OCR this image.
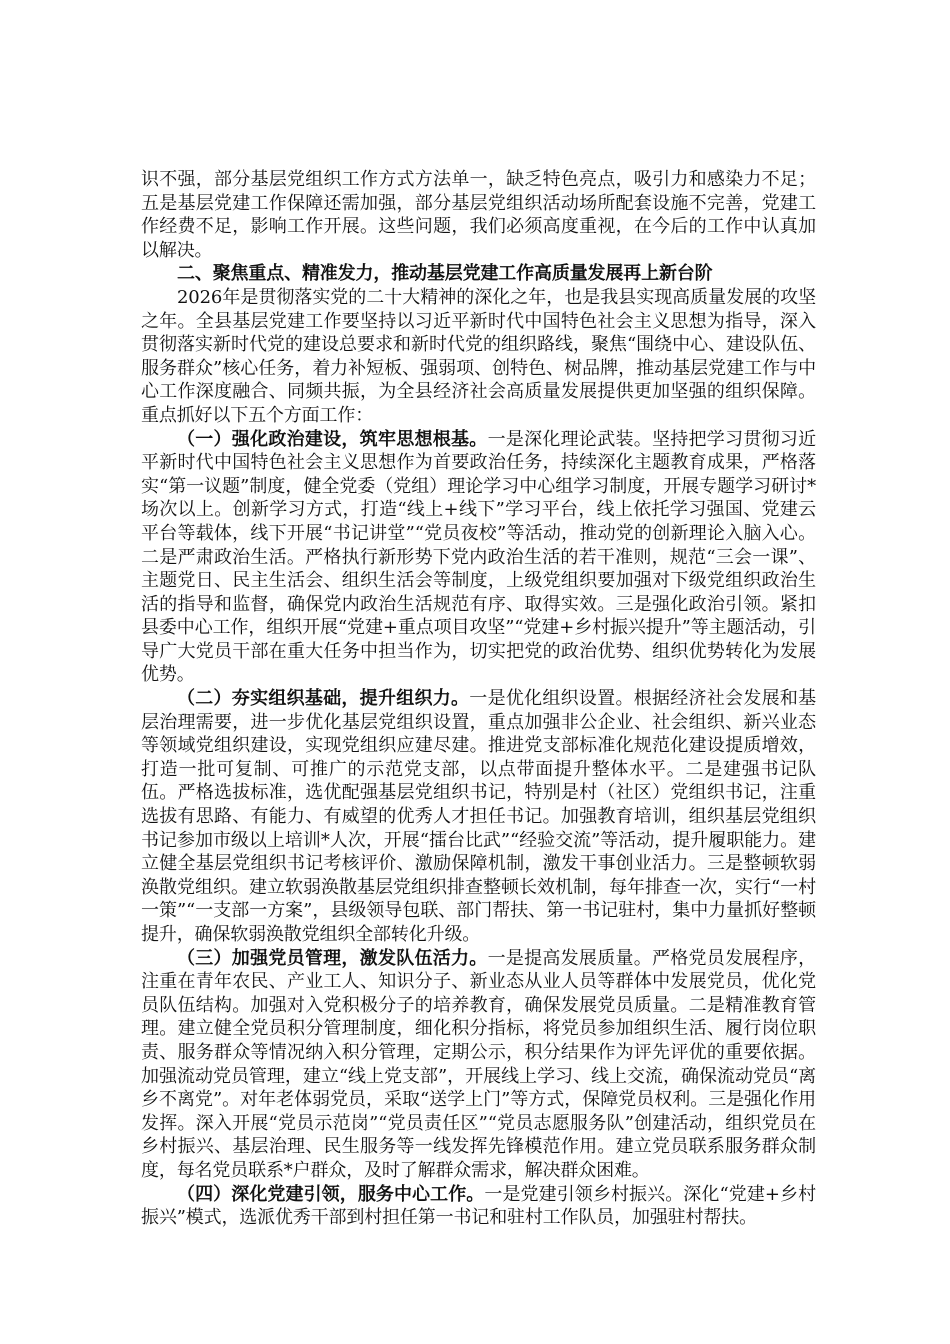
识不强，部分基层党组织工作方式方法单一，缺乏特色亮点，吸引力和感染力不足；五是基层党建工作保障还需加强，部分基层党组织活动场所配套设施不完善，党建工作经费不足，影响工作开展。这些问题，我们必须高度重视，在今后的工作中认真加以解决。

二、聚焦重点、精准发力，推动基层党建工作高质量发展再上新台阶

2026年是贯彻落实党的二十大精神的深化之年，也是我县实现高质量发展的攻坚之年。全县基层党建工作要坚持以习近平新时代中国特色社会主义思想为指导，深入贯彻落实新时代党的建设总要求和新时代党的组织路线，聚焦“围绕中心、建设队伍、服务群众”核心任务，着力补短板、强弱项、创特色、树品牌，推动基层党建工作与中心工作深度融合、同频共振，为全县经济社会高质量发展提供更加坚强的组织保障。重点抓好以下五个方面工作：

（一）强化政治建设，筑牢思想根基。一是深化理论武装。坚持把学习贯彻习近平新时代中国特色社会主义思想作为首要政治任务，持续深化主题教育成果，严格落实“第一议题”制度，健全党委（党组）理论学习中心组学习制度，开展专题学习研讨*场次以上。创新学习方式，打造“线上+线下”学习平台，线上依托学习强国、党建云平台等载体，线下开展“书记讲堂”“党员夜校”等活动，推动党的创新理论入脑入心。二是严肃政治生活。严格执行新形势下党内政治生活的若干准则，规范“三会一课”、主题党日、民主生活会、组织生活会等制度，上级党组织要加强对下级党组织政治生活的指导和监督，确保党内政治生活规范有序、取得实效。三是强化政治引领。紧扣县委中心工作，组织开展“党建+重点项目攻坚”“党建+乡村振兴提升”等主题活动，引导广大党员干部在重大任务中担当作为，切实把党的政治优势、组织优势转化为发展优势。

（二）夯实组织基础，提升组织力。一是优化组织设置。根据经济社会发展和基层治理需要，进一步优化基层党组织设置，重点加强非公企业、社会组织、新兴业态等领域党组织建设，实现党组织应建尽建。推进党支部标准化规范化建设提质增效，打造一批可复制、可推广的示范党支部，以点带面提升整体水平。二是建强书记队伍。严格选拔标准，选优配强基层党组织书记，特别是村（社区）党组织书记，注重选拔有思路、有能力、有威望的优秀人才担任书记。加强教育培训，组织基层党组织书记参加市级以上培训*人次，开展“擂台比武”“经验交流”等活动，提升履职能力。建立健全基层党组织书记考核评价、激励保障机制，激发干事创业活力。三是整顿软弱涣散党组织。建立软弱涣散基层党组织排查整顿长效机制，每年排查一次，实行“一村一策”“一支部一方案”，县级领导包联、部门帮扶、第一书记驻村，集中力量抓好整顿提升，确保软弱涣散党组织全部转化升级。

（三）加强党员管理，激发队伍活力。一是提高发展质量。严格党员发展程序，注重在青年农民、产业工人、知识分子、新业态从业人员等群体中发展党员，优化党员队伍结构。加强对入党积极分子的培养教育，确保发展党员质量。二是精准教育管理。建立健全党员积分管理制度，细化积分指标，将党员参加组织生活、履行岗位职责、服务群众等情况纳入积分管理，定期公示，积分结果作为评先评优的重要依据。加强流动党员管理，建立“线上党支部”，开展线上学习、线上交流，确保流动党员“离乡不离党”。对年老体弱党员，采取“送学上门”等方式，保障党员权利。三是强化作用发挥。深入开展“党员示范岗”“党员责任区”“党员志愿服务队”创建活动，组织党员在乡村振兴、基层治理、民生服务等一线发挥先锋模范作用。建立党员联系服务群众制度，每名党员联系*户群众，及时了解群众需求，解决群众困难。

（四）深化党建引领，服务中心工作。一是党建引领乡村振兴。深化“党建+乡村振兴”模式，选派优秀干部到村担任第一书记和驻村工作队员，加强驻村帮扶。
